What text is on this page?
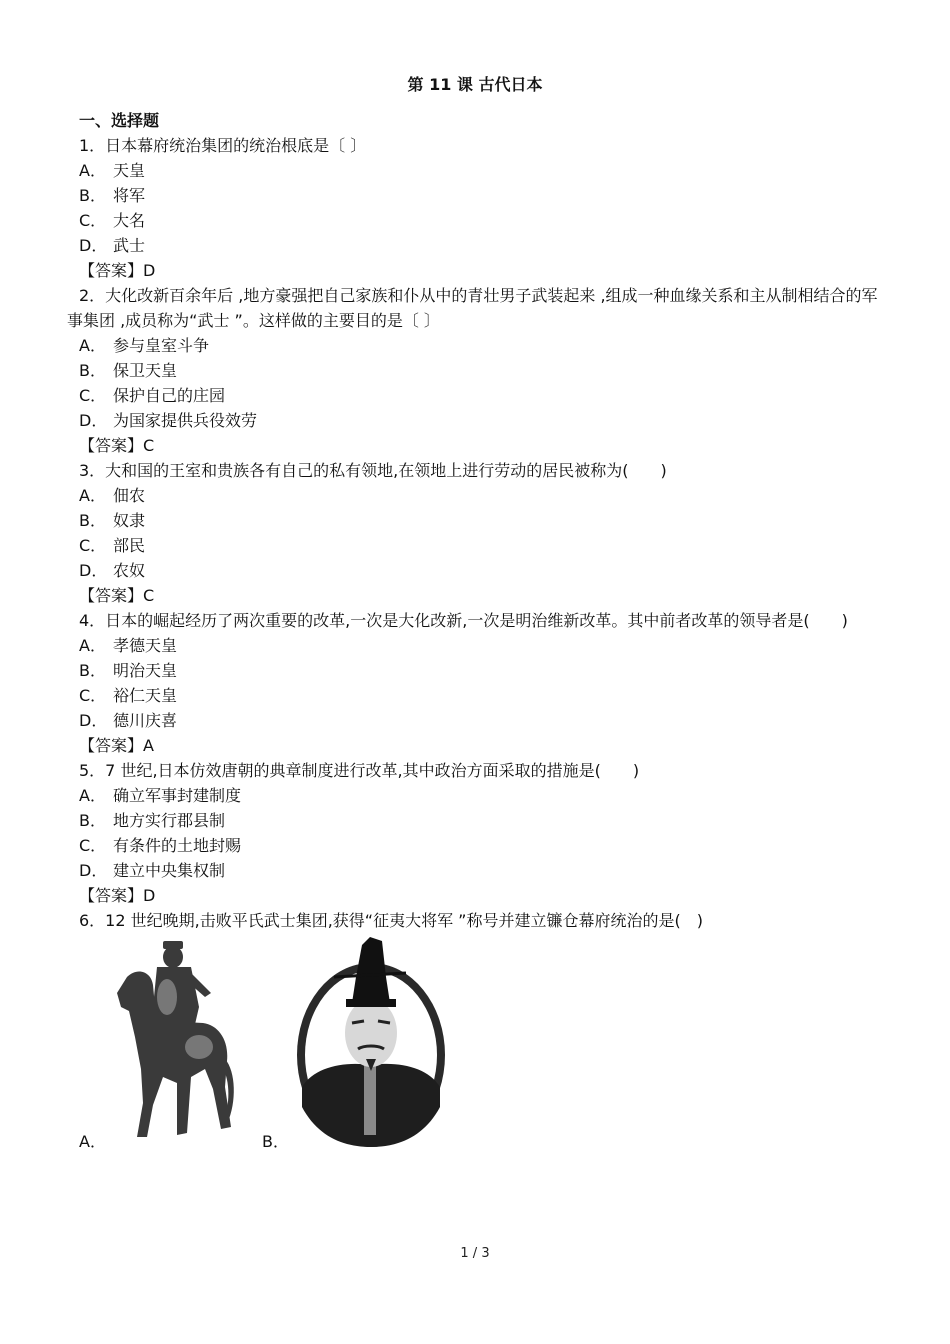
第 11 课 古代日本
一、选择题
1．日本幕府统治集团的统治根底是〔 〕
A． 天皇
B． 将军
C． 大名
D． 武士
【答案】D
2．大化改新百余年后 ,地方豪强把自己家族和仆从中的青壮男子武装起来 ,组成一种血缘关系和主从制相结合的军事集团 ,成员称为“武士 ”。这样做的主要目的是〔 〕
A． 参与皇室斗争
B． 保卫天皇
C． 保护自己的庄园
D． 为国家提供兵役效劳
【答案】C
3．大和国的王室和贵族各有自己的私有领地,在领地上进行劳动的居民被称为(　　)
A． 佃农
B． 奴隶
C． 部民
D． 农奴
【答案】C
4．日本的崛起经历了两次重要的改革,一次是大化改新,一次是明治维新改革。其中前者改革的领导者是(　　)
A． 孝德天皇
B． 明治天皇
C． 裕仁天皇
D． 德川庆喜
【答案】A
5．7 世纪,日本仿效唐朝的典章制度进行改革,其中政治方面采取的措施是(　　)
A． 确立军事封建制度
B． 地方实行郡县制
C． 有条件的土地封赐
D． 建立中央集权制
【答案】D
6．12 世纪晚期,击败平氏武士集团,获得“征夷大将军 ”称号并建立镰仓幕府统治的是(　)
A．	B．
1 / 3
